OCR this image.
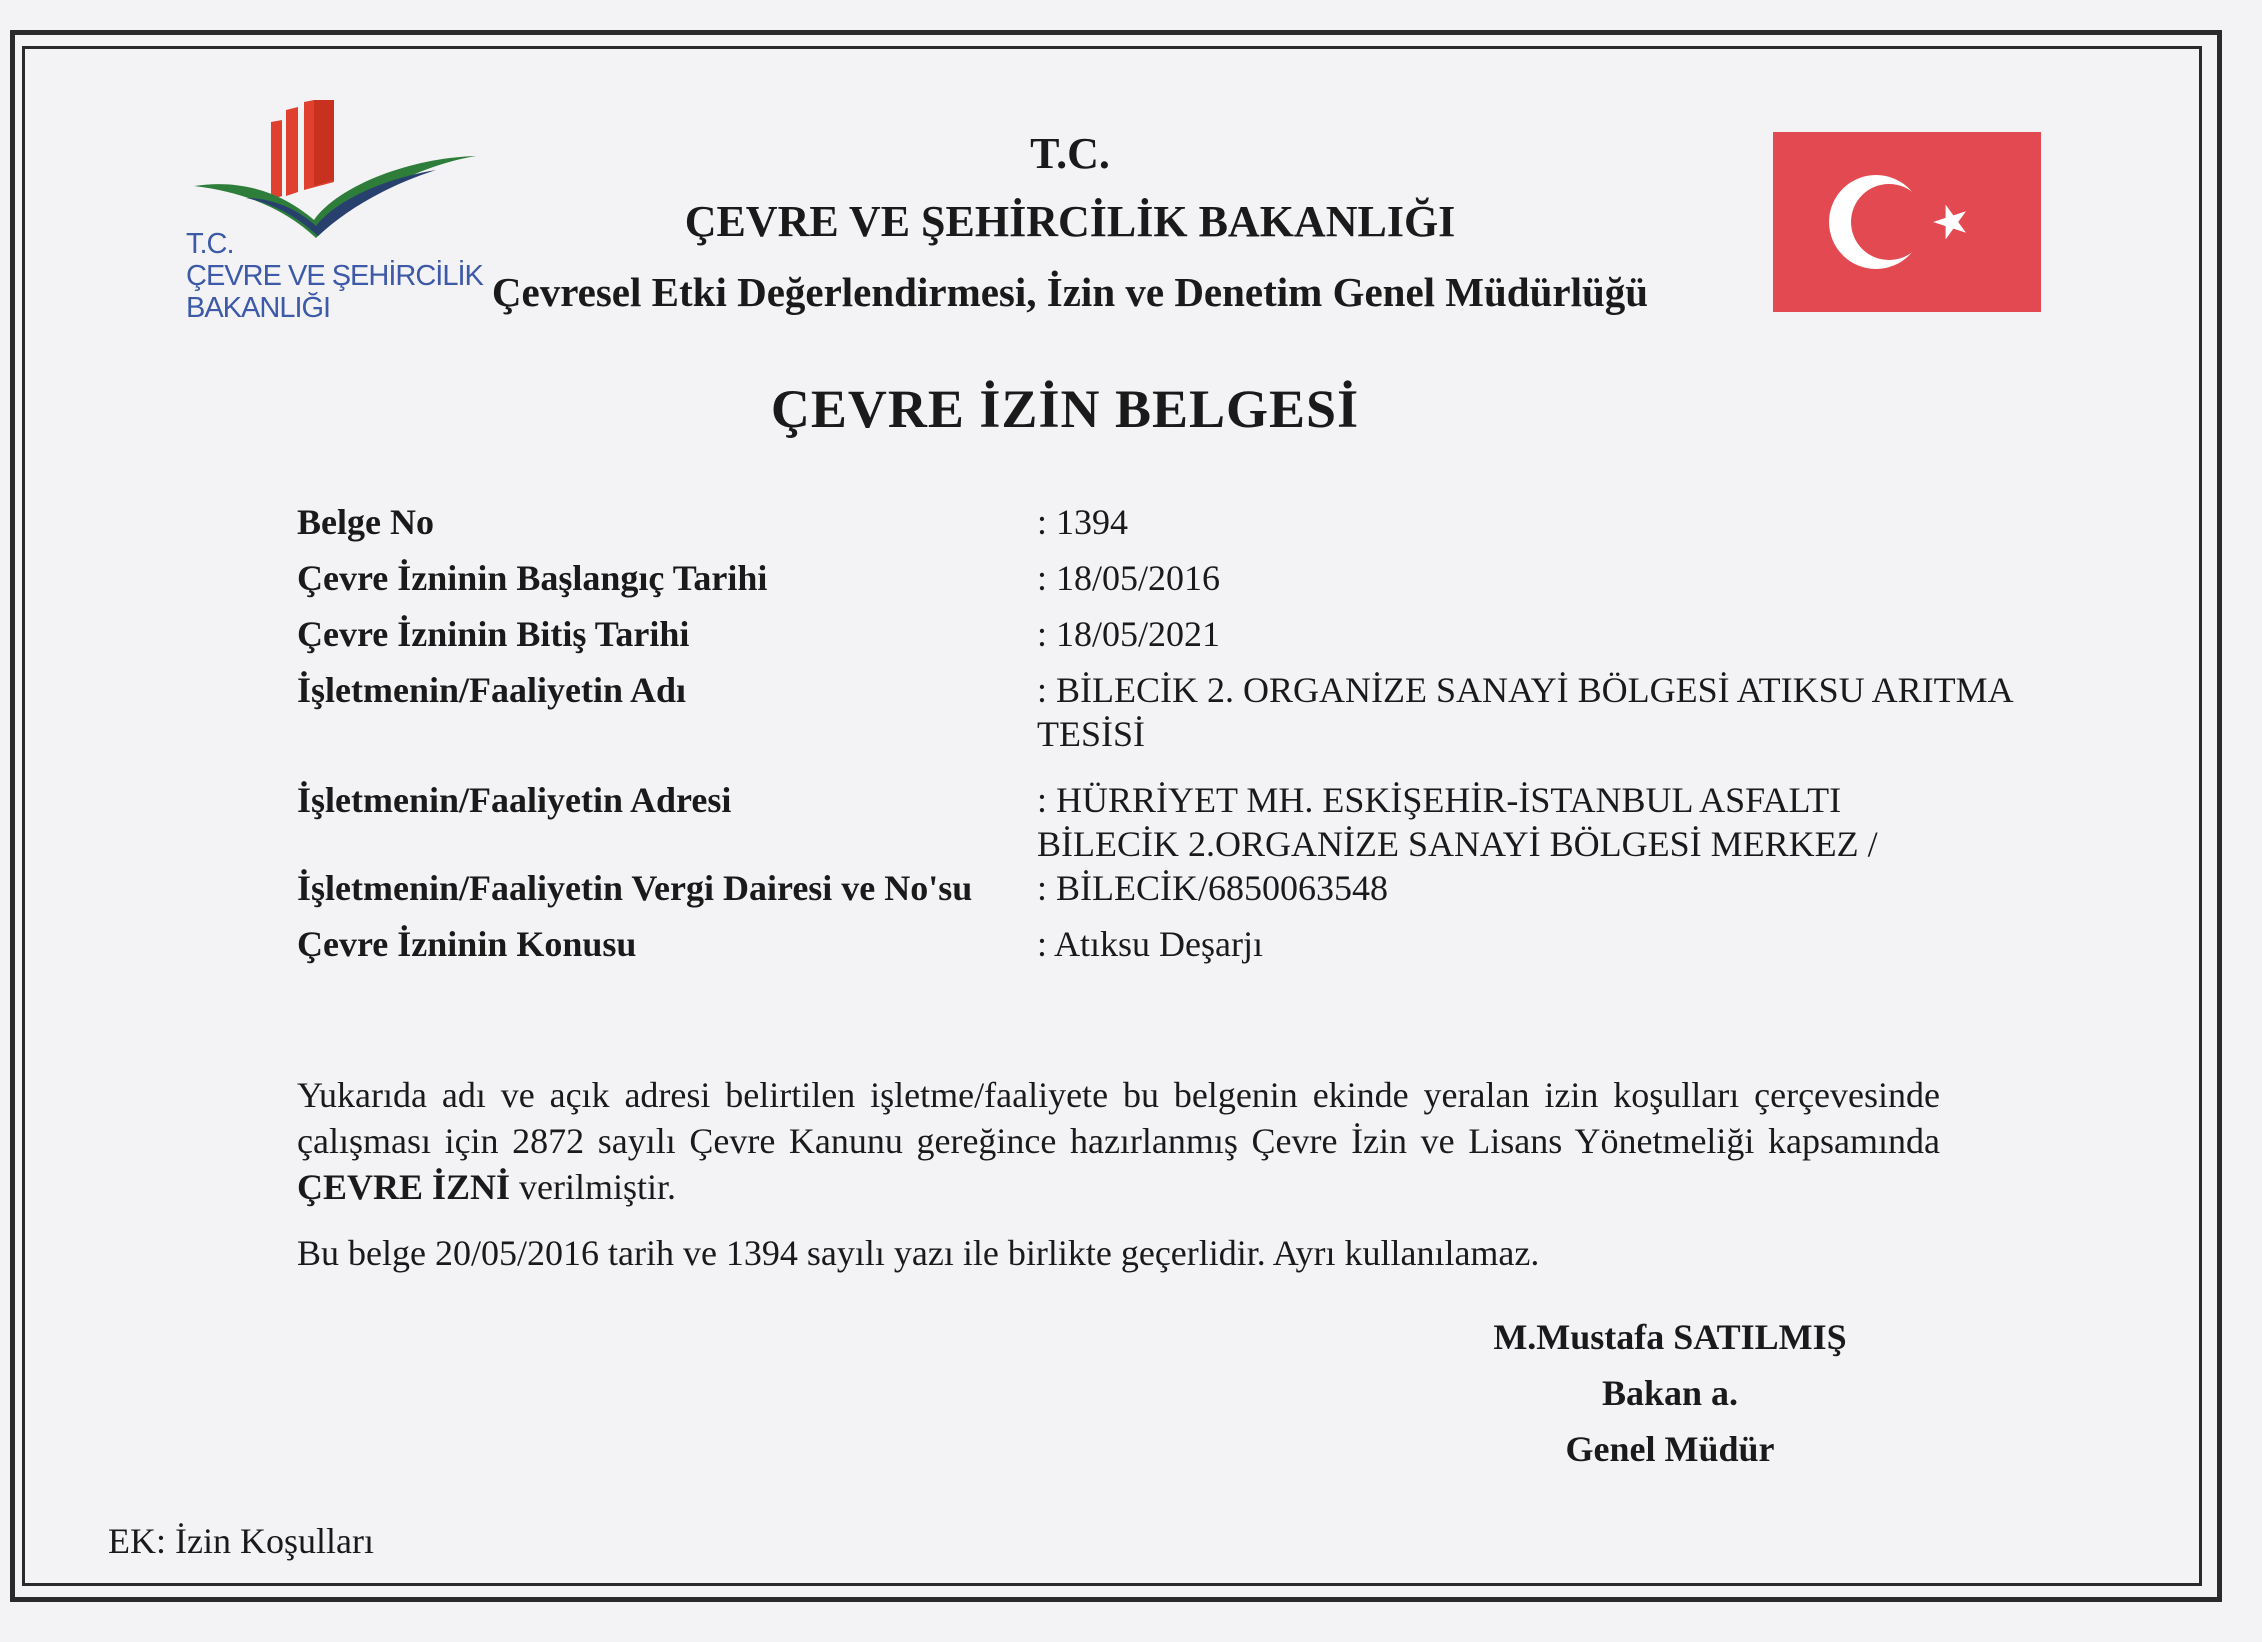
T.C.
ÇEVRE VE ŞEHİRCİLİK
BAKANLIĞI
T.C.
ÇEVRE VE ŞEHİRCİLİK BAKANLIĞI
Çevresel Etki Değerlendirmesi, İzin ve Denetim Genel Müdürlüğü
ÇEVRE İZİN BELGESİ
Belge No	: 1394
Çevre İzninin Başlangıç Tarihi	: 18/05/2016
Çevre İzninin Bitiş Tarihi	: 18/05/2021
İşletmenin/Faaliyetin Adı	: BİLECİK 2. ORGANİZE SANAYİ BÖLGESİ ATIKSU ARITMA
TESİSİ
İşletmenin/Faaliyetin Adresi	: HÜRRİYET MH. ESKİŞEHİR-İSTANBUL ASFALTI
BİLECİK 2.ORGANİZE SANAYİ BÖLGESİ MERKEZ /
İşletmenin/Faaliyetin Vergi Dairesi ve No'su	: BİLECİK/6850063548
Çevre İzninin Konusu	: Atıksu Deşarjı
Yukarıda adı ve açık adresi belirtilen işletme/faaliyete bu belgenin ekinde yeralan izin koşulları çerçevesinde çalışması için 2872 sayılı Çevre Kanunu gereğince hazırlanmış Çevre İzin ve Lisans Yönetmeliği kapsamında ÇEVRE İZNİ verilmiştir.
Bu belge 20/05/2016 tarih ve 1394 sayılı yazı ile birlikte geçerlidir. Ayrı kullanılamaz.
M.Mustafa SATILMIŞ
Bakan a.
Genel Müdür
EK: İzin Koşulları
